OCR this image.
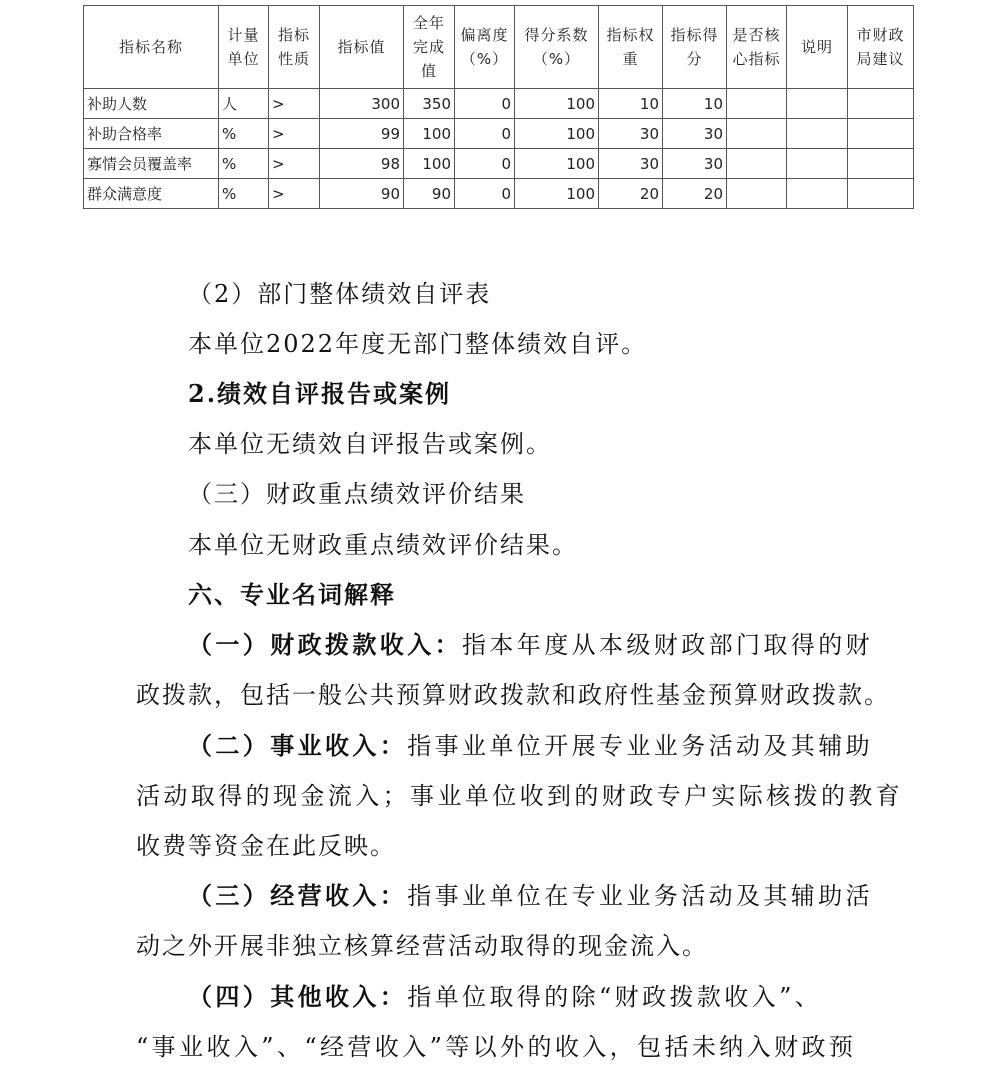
指标名称	计量单位	指标性质	指标值	全年完成值	偏离度（%）	得分系数（%）	指标权重	指标得分	是否核心指标	说明	市财政局建议
补助人数	人	>	300	350	0	100	10	10			
补助合格率	%	>	99	100	0	100	30	30			
寡情会员覆盖率	%	>	98	100	0	100	30	30			
群众满意度	%	>	90	90	0	100	20	20			
（2）部门整体绩效自评表
本单位2022年度无部门整体绩效自评。
2.绩效自评报告或案例
本单位无绩效自评报告或案例。
（三）财政重点绩效评价结果
本单位无财政重点绩效评价结果。
六、专业名词解释
（一）财政拨款收入：指本年度从本级财政部门取得的财
政拨款，包括一般公共预算财政拨款和政府性基金预算财政拨款。
（二）事业收入：指事业单位开展专业业务活动及其辅助
活动取得的现金流入；事业单位收到的财政专户实际核拨的教育
收费等资金在此反映。
（三）经营收入：指事业单位在专业业务活动及其辅助活
动之外开展非独立核算经营活动取得的现金流入。
（四）其他收入：指单位取得的除“财政拨款收入”、
“事业收入”、“经营收入”等以外的收入，包括未纳入财政预
